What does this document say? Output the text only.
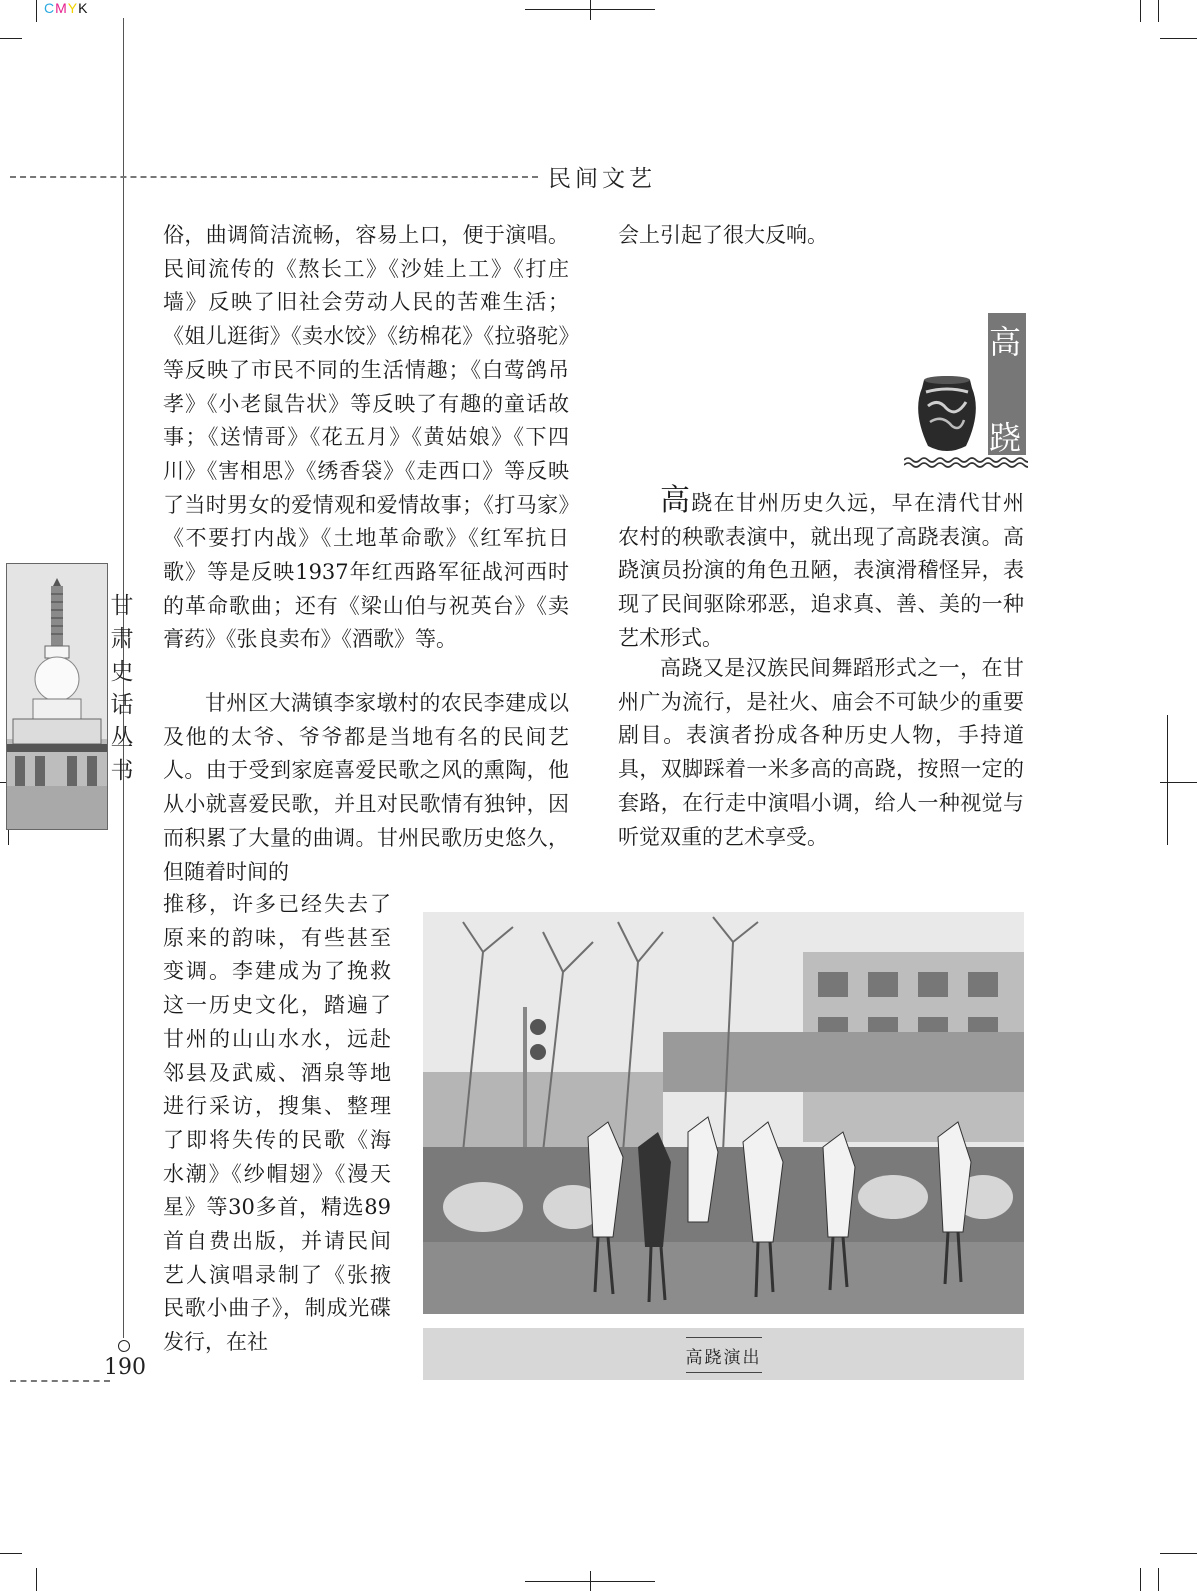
CMYK
民间文艺
甘
肃
史
话
丛
书
190

俗，曲调简洁流畅，容易上口，便于演唱。民间流传的《熬长工》《沙娃上工》《打庄墙》反映了旧社会劳动人民的苦难生活；《姐儿逛街》《卖水饺》《纺棉花》《拉骆驼》等反映了市民不同的生活情趣；《白莺鸽吊孝》《小老鼠告状》等反映了有趣的童话故事；《送情哥》《花五月》《黄姑娘》《下四川》《害相思》《绣香袋》《走西口》等反映了当时男女的爱情观和爱情故事；《打马家》《不要打内战》《土地革命歌》《红军抗日歌》等是反映1937年红西路军征战河西时的革命歌曲；还有《梁山伯与祝英台》《卖膏药》《张良卖布》《酒歌》等。

甘州区大满镇李家墩村的农民李建成以及他的太爷、爷爷都是当地有名的民间艺人。由于受到家庭喜爱民歌之风的熏陶，他从小就喜爱民歌，并且对民歌情有独钟，因而积累了大量的曲调。甘州民歌历史悠久，但随着时间的

推移，许多已经失去了原来的韵味，有些甚至变调。李建成为了挽救这一历史文化，踏遍了甘州的山山水水，远赴邻县及武威、酒泉等地进行采访，搜集、整理了即将失传的民歌《海水潮》《纱帽翅》《漫天星》等30多首，精选89首自费出版，并请民间艺人演唱录制了《张掖民歌小曲子》，制成光碟发行，在社

会上引起了很大反响。

高
跷

高跷在甘州历史久远，早在清代甘州农村的秧歌表演中，就出现了高跷表演。高跷演员扮演的角色丑陋，表演滑稽怪异，表现了民间驱除邪恶，追求真、善、美的一种艺术形式。

高跷又是汉族民间舞蹈形式之一，在甘州广为流行，是社火、庙会不可缺少的重要剧目。表演者扮成各种历史人物，手持道具，双脚踩着一米多高的高跷，按照一定的套路，在行走中演唱小调，给人一种视觉与听觉双重的艺术享受。

高跷演出
